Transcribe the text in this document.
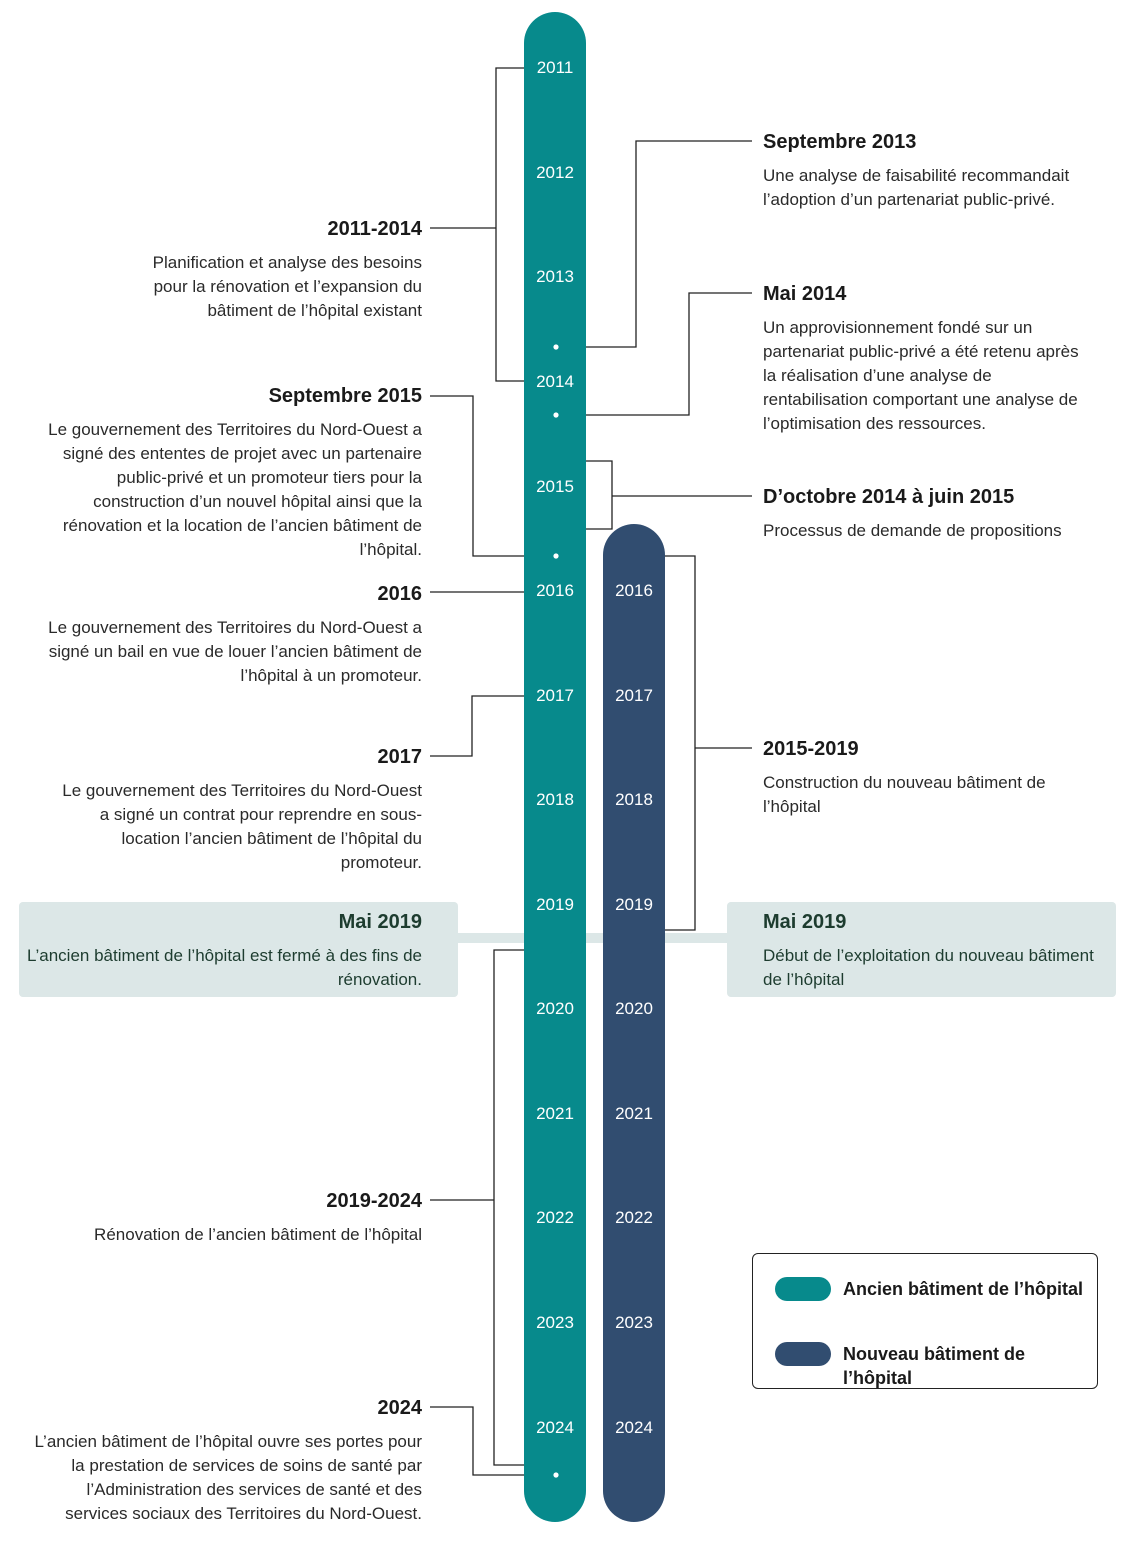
2011
2012
2013
2014
2015
2016
2017
2018
2019
2020
2021
2022
2023
2024
2016
2017
2018
2019
2020
2021
2022
2023
2024
2011-2014
Planification et analyse des besoins pour la rénovation et l’expansion du bâtiment de l’hôpital existant
Septembre 2015
Le gouvernement des Territoires du Nord-Ouest a signé des ententes de projet avec un partenaire public-privé et un promoteur tiers pour la construction d’un nouvel hôpital ainsi que la rénovation et la location de l’ancien bâtiment de l’hôpital.
2016
Le gouvernement des Territoires du Nord-Ouest a signé un bail en vue de louer l’ancien bâtiment de l’hôpital à un promoteur.
2017
Le gouvernement des Territoires du Nord-Ouest a signé un contrat pour reprendre en sous-location l’ancien bâtiment de l’hôpital du promoteur.
Mai 2019
L’ancien bâtiment de l’hôpital est fermé à des fins de rénovation.
2019-2024
Rénovation de l’ancien bâtiment de l’hôpital
2024
L’ancien bâtiment de l’hôpital ouvre ses portes pour la prestation de services de soins de santé par l’Administration des services de santé et des services sociaux des Territoires du Nord-Ouest.
Septembre 2013
Une analyse de faisabilité recommandait l’adoption d’un partenariat public-privé.
Mai 2014
Un approvisionnement fondé sur un partenariat public-privé a été retenu après la réalisation d’une analyse de rentabilisation comportant une analyse de l’optimisation des ressources.
D’octobre 2014 à juin 2015
Processus de demande de propositions
2015-2019
Construction du nouveau bâtiment de l’hôpital
Mai 2019
Début de l’exploitation du nouveau bâtiment de l’hôpital
Ancien bâtiment de l’hôpital
Nouveau bâtiment de l’hôpital
